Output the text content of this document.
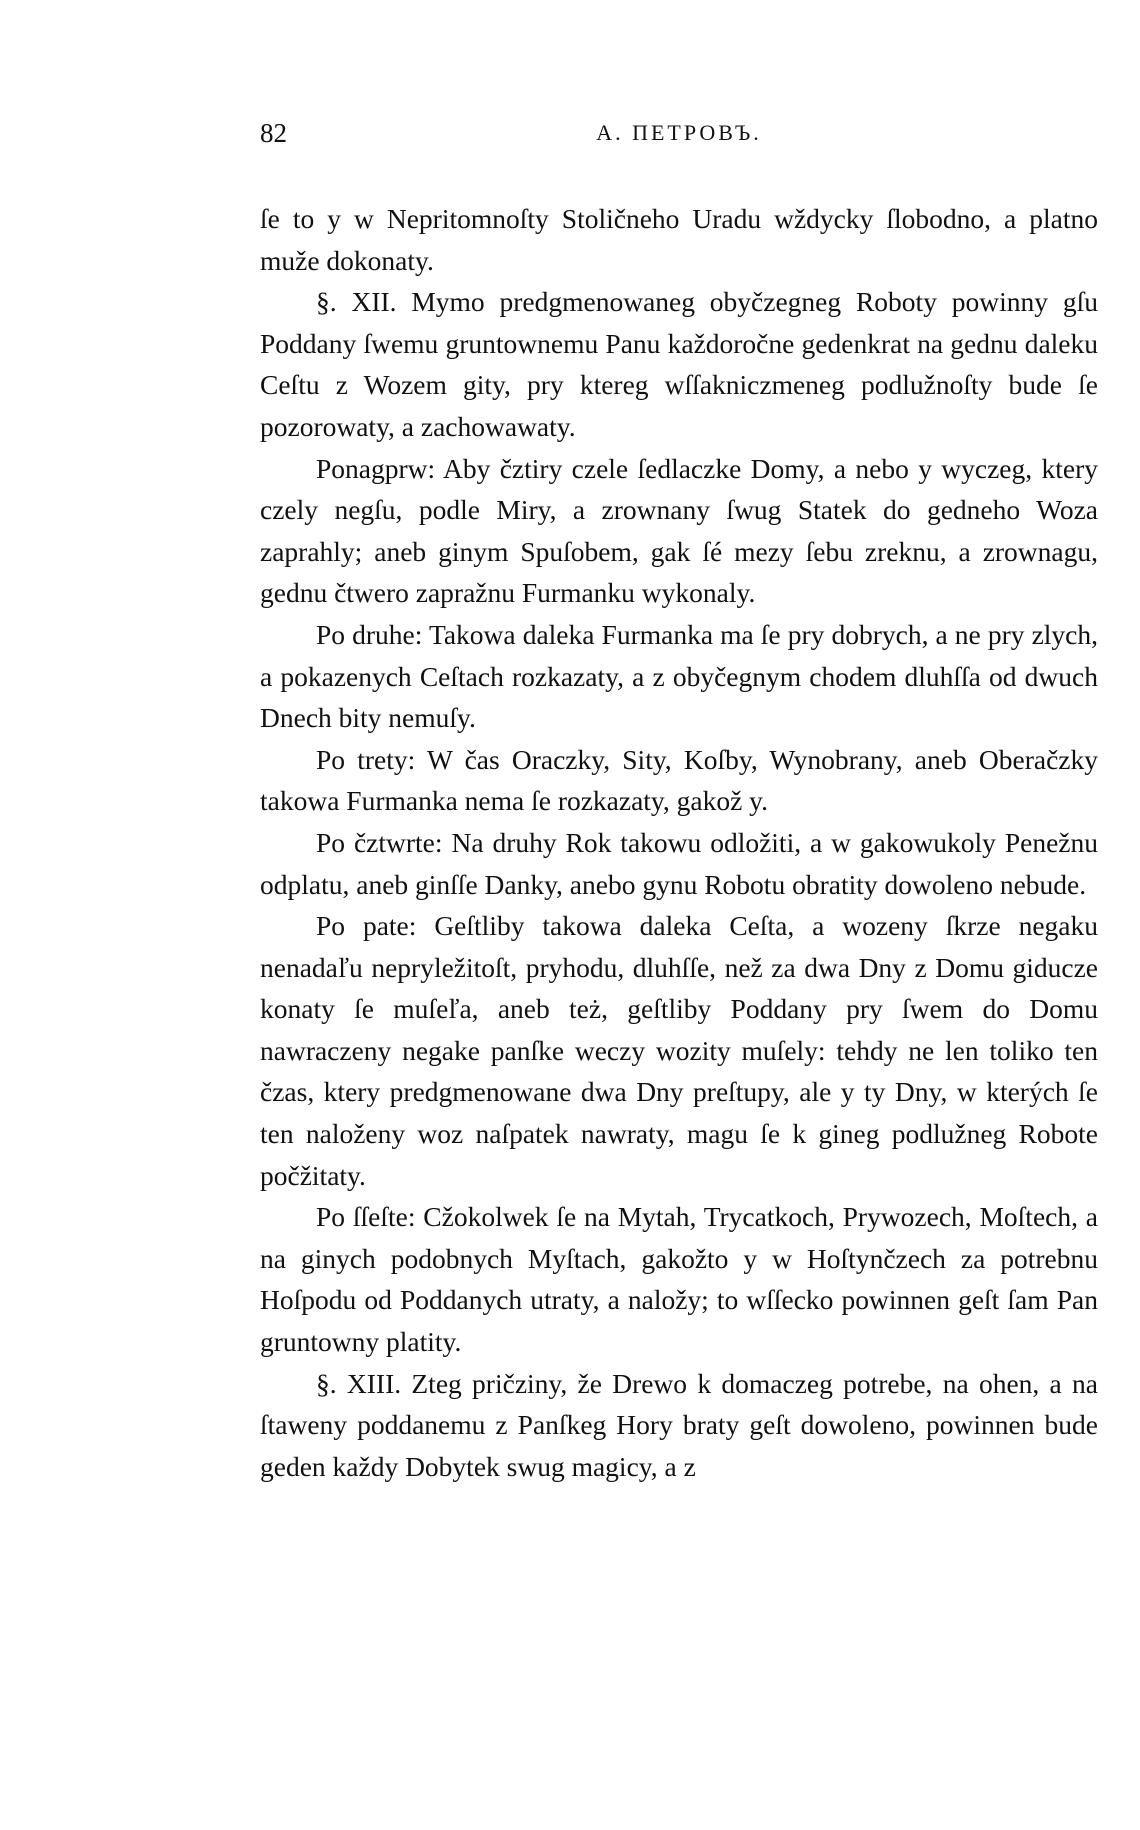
82	А. ПЕТРОВЪ.

ſe to y w Nepritomnoſty Stoličneho Uradu wždycky ſlobodno, a platno muže dokonaty.

§. XII. Mymo predgmenowaneg obyčzegneg Roboty powinny gſu Poddany ſwemu gruntownemu Panu každoročne gedenkrat na gednu daleku Ceſtu z Wozem gity, pry ktereg wſſakniczmeneg podlužnoſty bude ſe pozorowaty, a zachowawaty.

Ponagprw: Aby čztiry czele ſedlaczke Domy, a nebo y wyczeg, ktery czely negſu, podle Miry, a zrownany ſwug Statek do gedneho Woza zaprahly; aneb ginym Spuſobem, gak ſé mezy ſebu zreknu, a zrownagu, gednu čtwero zapražnu Furmanku wykonaly.

Po druhe: Takowa daleka Furmanka ma ſe pry dobrych, a ne pry zlych, a pokazenych Ceſtach rozkazaty, a z obyčegnym chodem dluhſſa od dwuch Dnech bity nemuſy.

Po trety: W čas Oraczky, Sity, Koſby, Wynobrany, aneb Oberačzky takowa Furmanka nema ſe rozkazaty, gakož y.

Po čztwrte: Na druhy Rok takowu odložiti, a w gakowukoly Penežnu odplatu, aneb ginſſe Danky, anebo gynu Robotu obratity dowoleno nebude.

Po pate: Geſtliby takowa daleka Ceſta, a wozeny ſkrze negaku nenadaľu nepryležitoſt, pryhodu, dluhſſe, než za dwa Dny z Domu giducze konaty ſe muſeľa, aneb też, geſtliby Poddany pry ſwem do Domu nawraczeny negake panſke weczy wozity muſely: tehdy ne len toliko ten čzas, ktery predgmenowane dwa Dny preſtupy, ale y ty Dny, w kterých ſe ten naloženy woz naſpatek nawraty, magu ſe k gineg podlužneg Robote počžitaty.

Po ſſeſte: Cžokolwek ſe na Mytah, Trycatkoch, Prywozech, Moſtech, a na ginych podobnych Myſtach, gakožto y w Hoſtynčzech za potrebnu Hoſpodu od Poddanych utraty, a naložy; to wſſecko powinnen geſt ſam Pan gruntowny platity.

§. XIII. Zteg pričziny, že Drewo k domaczeg potrebe, na ohen, a na ſtaweny poddanemu z Panſkeg Hory braty geſt dowoleno, powinnen bude geden každy Dobytek swug magicy, a z
